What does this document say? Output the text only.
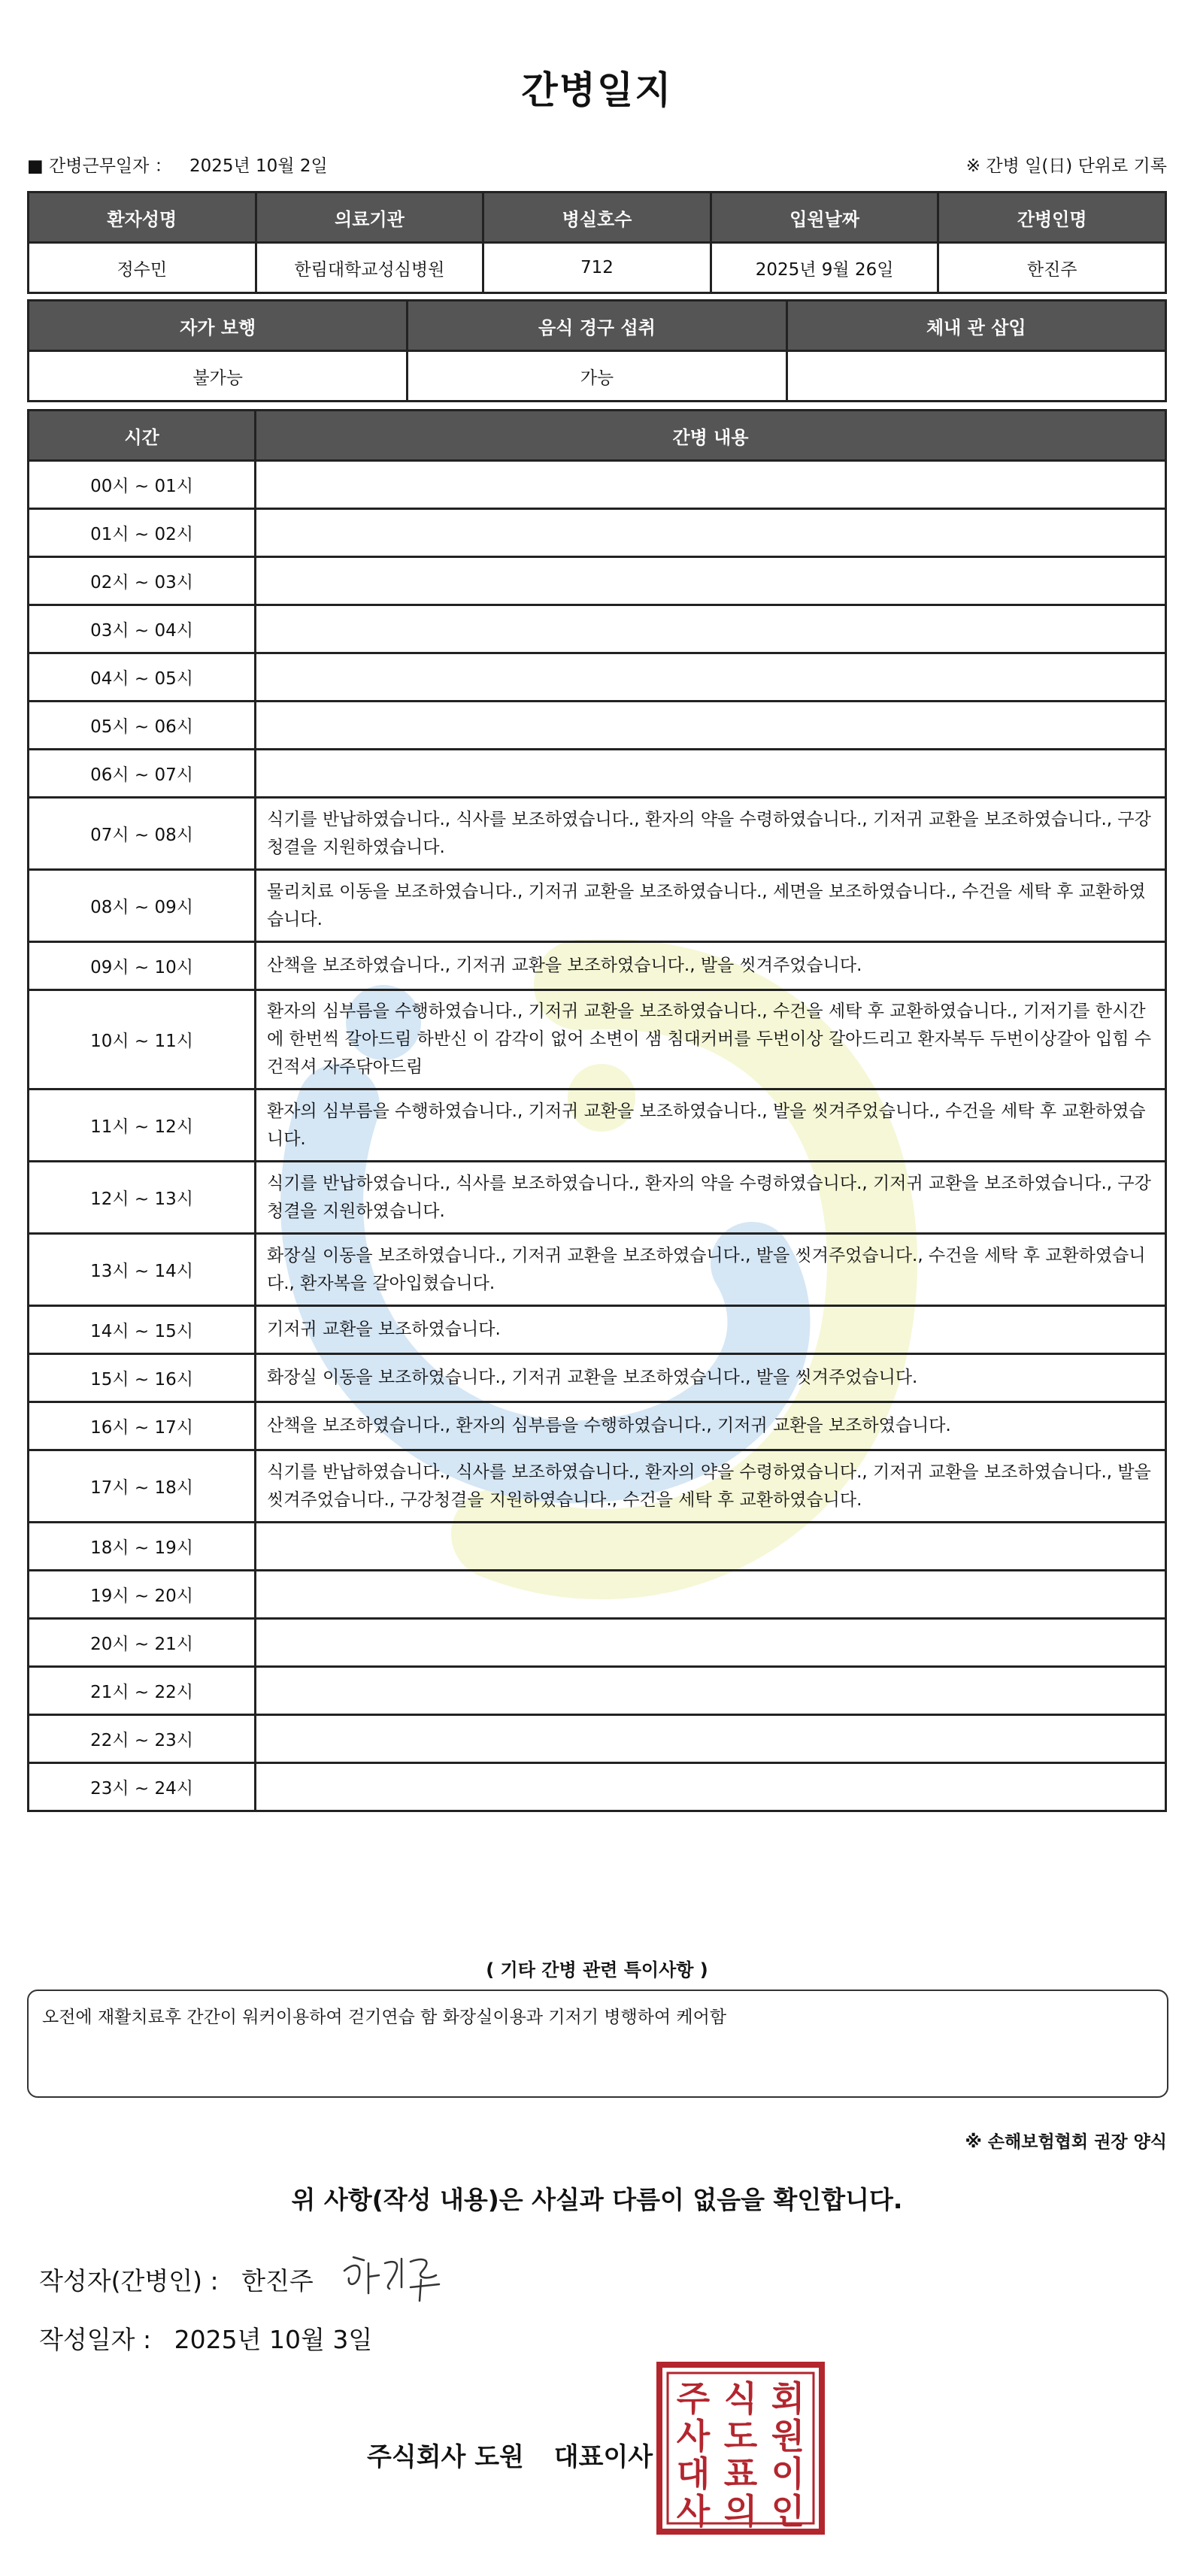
간병일지
■ 간병근무일자 ： 2025년 10월 2일	※ 간병 일(日) 단위로 기록
환자성명	의료기관	병실호수	입원날짜	간병인명
정수민	한림대학교성심병원	712	2025년 9월 26일	한진주
자가 보행	음식 경구 섭취	체내 관 삽입
불가능	가능	
시간	간병 내용
00시 ~ 01시	
01시 ~ 02시	
02시 ~ 03시	
03시 ~ 04시	
04시 ~ 05시	
05시 ~ 06시	
06시 ~ 07시	
07시 ~ 08시	식기를 반납하였습니다., 식사를 보조하였습니다., 환자의 약을 수령하였습니다., 기저귀 교환을 보조하였습니다., 구강청결을 지원하였습니다.
08시 ~ 09시	물리치료 이동을 보조하였습니다., 기저귀 교환을 보조하였습니다., 세면을 보조하였습니다., 수건을 세탁 후 교환하였습니다.
09시 ~ 10시	산책을 보조하였습니다., 기저귀 교환을 보조하였습니다., 발을 씻겨주었습니다.
10시 ~ 11시	환자의 심부름을 수행하였습니다., 기저귀 교환을 보조하였습니다., 수건을 세탁 후 교환하였습니다., 기저기를 한시간에 한번씩 갈아드림 하반신 이 감각이 없어 소변이 샘 침대커버를 두번이상 갈아드리고 환자복두 두번이상갈아 입힘 수건적셔 자주닦아드림
11시 ~ 12시	환자의 심부름을 수행하였습니다., 기저귀 교환을 보조하였습니다., 발을 씻겨주었습니다., 수건을 세탁 후 교환하였습니다.
12시 ~ 13시	식기를 반납하였습니다., 식사를 보조하였습니다., 환자의 약을 수령하였습니다., 기저귀 교환을 보조하였습니다., 구강청결을 지원하였습니다.
13시 ~ 14시	화장실 이동을 보조하였습니다., 기저귀 교환을 보조하였습니다., 발을 씻겨주었습니다., 수건을 세탁 후 교환하였습니다., 환자복을 갈아입혔습니다.
14시 ~ 15시	기저귀 교환을 보조하였습니다.
15시 ~ 16시	화장실 이동을 보조하였습니다., 기저귀 교환을 보조하였습니다., 발을 씻겨주었습니다.
16시 ~ 17시	산책을 보조하였습니다., 환자의 심부름을 수행하였습니다., 기저귀 교환을 보조하였습니다.
17시 ~ 18시	식기를 반납하였습니다., 식사를 보조하였습니다., 환자의 약을 수령하였습니다., 기저귀 교환을 보조하였습니다., 발을 씻겨주었습니다., 구강청결을 지원하였습니다., 수건을 세탁 후 교환하였습니다.
18시 ~ 19시	
19시 ~ 20시	
20시 ~ 21시	
21시 ~ 22시	
22시 ~ 23시	
23시 ~ 24시	
( 기타 간병 관련 특이사항 )
오전에 재활치료후 간간이 워커이용하여 걷기연습 함 화장실이용과 기저기 병행하여 케어함
※ 손해보험협회 권장 양식
위 사항(작성 내용)은 사실과 다름이 없음을 확인합니다.
작성자(간병인) : 한진주
작성일자 : 2025년 10월 3일
주식회사 도원 대표이사
주 식 회
사 도 원
대 표 이
사 의 인
